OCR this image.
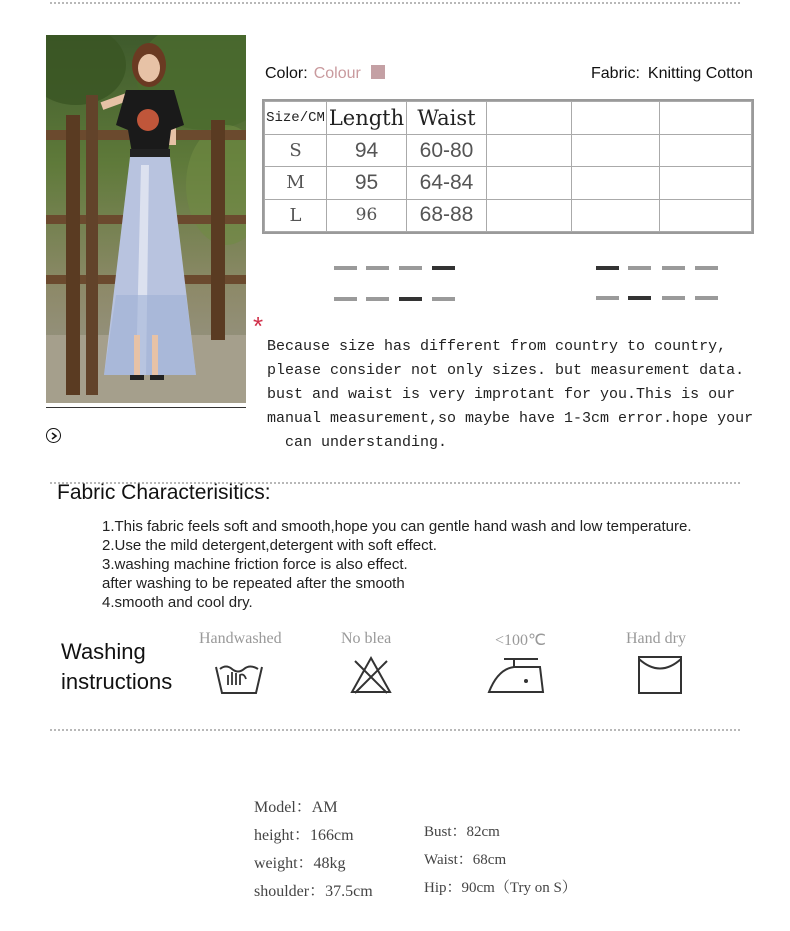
Color: Colour	Fabric: Knitting Cotton
Size/CM	Length	Waist			
S	94	60-80			
M	95	64-84			
L	96	68-88			
*
Because size has different from country to country,
please consider not only sizes. but measurement data.
bust and waist is very improtant for you.This is our
manual measurement,so maybe have 1-3cm error.hope your
can understanding.
Fabric Characterisitics:
1.This fabric feels soft and smooth,hope you can gentle hand wash and low temperature.
2.Use the mild detergent,detergent with soft effect.
3.washing machine friction force is also effect.
after washing to be repeated after the smooth
4.smooth and cool dry.
Washing
instructions
Handwashed	No blea	<100℃	Hand dry
Model：AM
height：166cm
weight：48kg
shoulder：37.5cm
Bust：82cm
Waist：68cm
Hip：90cm（Try on S）
